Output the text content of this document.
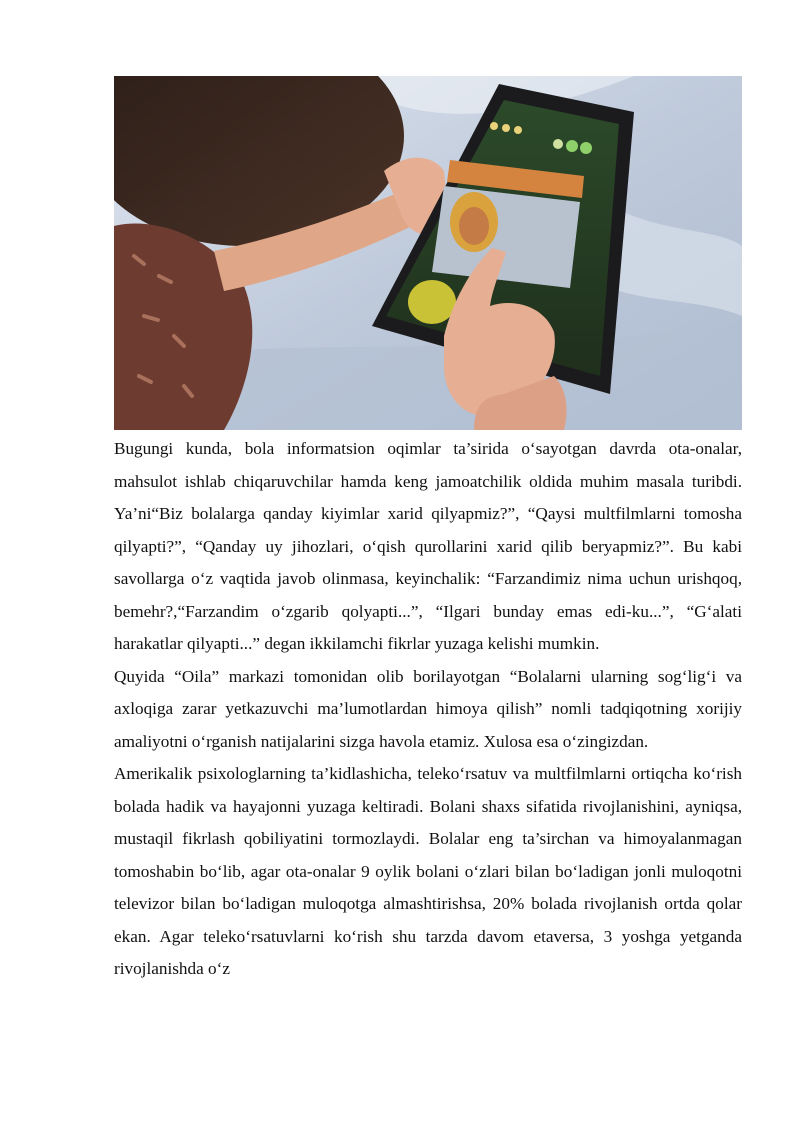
Bugungi kunda, bola informatsion oqimlar ta’sirida o‘sayotgan davrda ota-onalar, mahsulot ishlab chiqaruvchilar hamda keng jamoatchilik oldida muhim masala turibdi. Ya’ni“Biz bolalarga qanday kiyimlar xarid qilyapmiz?”, “Qaysi multfilmlarni tomosha qilyapti?”, “Qanday uy jihozlari, o‘qish qurollarini xarid qilib beryapmiz?”. Bu kabi savollarga o‘z vaqtida javob olinmasa, keyinchalik: “Farzandimiz nima uchun urishqoq, bemehr?,“Farzandim o‘zgarib qolyapti...”, “Ilgari bunday emas edi-ku...”, “G‘alati harakatlar qilyapti...” degan ikkilamchi fikrlar yuzaga kelishi mumkin.

Quyida “Oila” markazi tomonidan olib borilayotgan “Bolalarni ularning sog‘lig‘i va axloqiga zarar yetkazuvchi ma’lumotlardan himoya qilish” nomli tadqiqotning xorijiy amaliyotni o‘rganish natijalarini sizga havola etamiz. Xulosa esa o‘zingizdan.

Amerikalik psixologlarning ta’kidlashicha, teleko‘rsatuv va multfilmlarni ortiqcha ko‘rish bolada hadik va hayajonni yuzaga keltiradi. Bolani shaxs sifatida rivojlanishini, ayniqsa, mustaqil fikrlash qobiliyatini tormozlaydi. Bolalar eng ta’sirchan va himoyalanmagan tomoshabin bo‘lib, agar ota-onalar 9 oylik bolani o‘zlari bilan bo‘ladigan jonli muloqotni televizor bilan bo‘ladigan muloqotga almashtirishsa, 20% bolada rivojlanish ortda qolar ekan. Agar teleko‘rsatuvlarni ko‘rish shu tarzda davom etaversa, 3 yoshga yetganda rivojlanishda o‘z
